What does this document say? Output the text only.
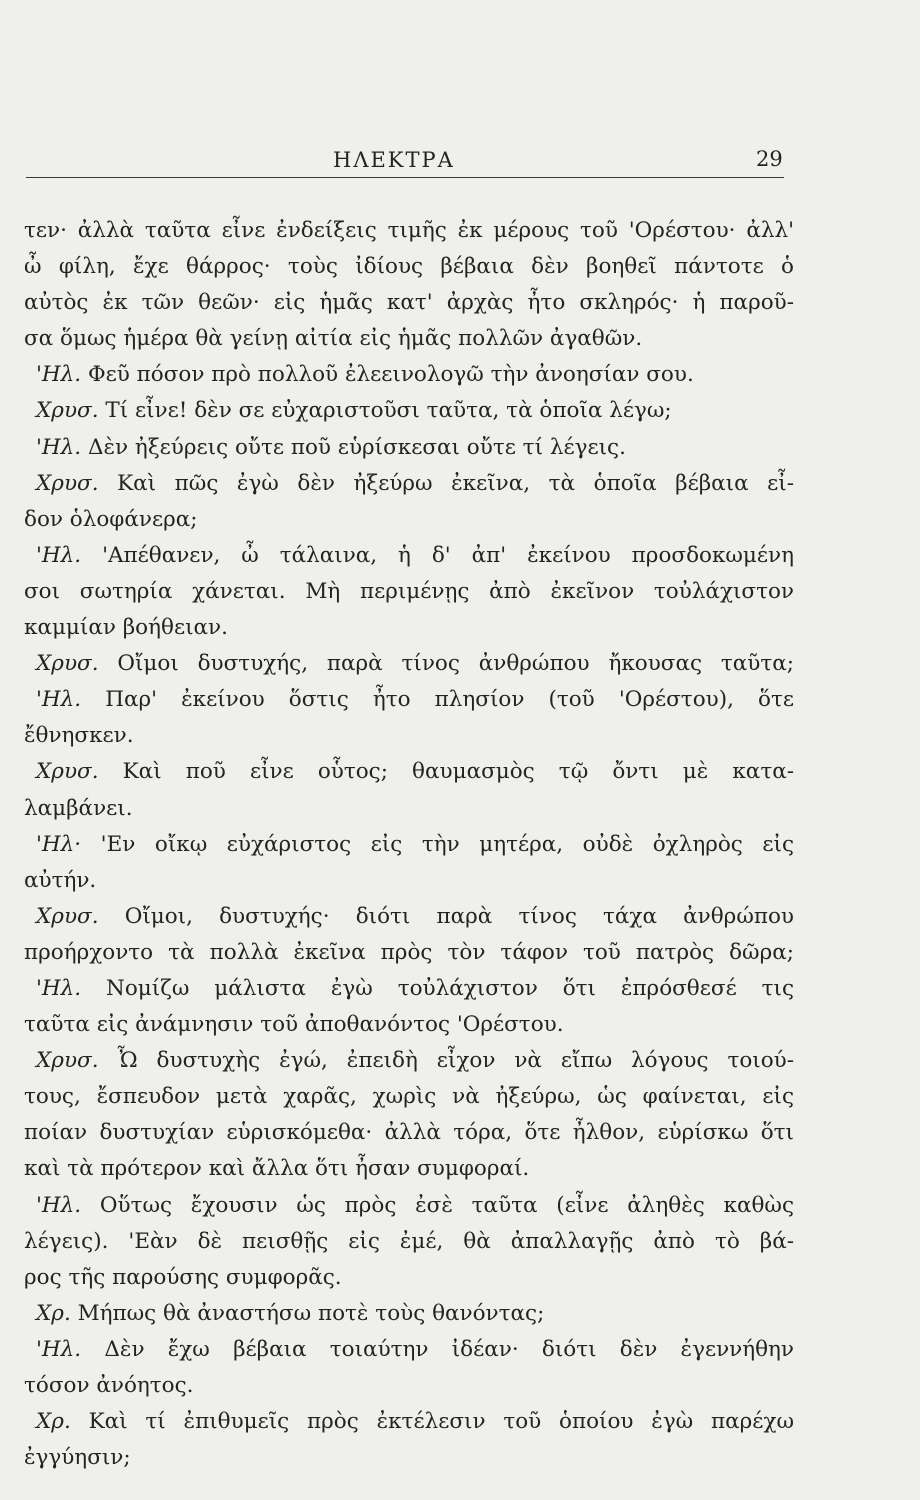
ΗΛΕΚΤΡΑ	29
τεν· ἀλλὰ ταῦτα εἶνε ἐνδείξεις τιμῆς ἐκ μέρους τοῦ 'Ορέστου· ἀλλ'
ὦ φίλη, ἔχε θάρρος· τοὺς ἰδίους βέβαια δὲν βοηθεῖ πάντοτε ὁ
αὐτὸς ἐκ τῶν θεῶν· εἰς ἡμᾶς κατ' ἀρχὰς ἦτο σκληρός· ἡ παροῦ-
σα ὅμως ἡμέρα θὰ γείνῃ αἰτία εἰς ἡμᾶς πολλῶν ἀγαθῶν.
'Ηλ. Φεῦ πόσον πρὸ πολλοῦ ἐλεεινολογῶ τὴν ἀνοησίαν σου.
Χρυσ. Τί εἶνε! δὲν σε εὐχαριστοῦσι ταῦτα, τὰ ὁποῖα λέγω;
'Ηλ. Δὲν ἠξεύρεις οὔτε ποῦ εὑρίσκεσαι οὔτε τί λέγεις.
Χρυσ. Καὶ πῶς ἐγὼ δὲν ἠξεύρω ἐκεῖνα, τὰ ὁποῖα βέβαια εἶ-
δον ὁλοφάνερα;
'Ηλ. 'Απέθανεν, ὦ τάλαινα, ἡ δ' ἀπ' ἐκείνου προσδοκωμένη
σοι σωτηρία χάνεται. Μὴ περιμένῃς ἀπὸ ἐκεῖνον τοὐλάχιστον
καμμίαν βοήθειαν.
Χρυσ. Οἴμοι δυστυχής, παρὰ τίνος ἀνθρώπου ἤκουσας ταῦτα;
'Ηλ. Παρ' ἐκείνου ὅστις ἦτο πλησίον (τοῦ 'Ορέστου), ὅτε
ἔθνησκεν.
Χρυσ. Καὶ ποῦ εἶνε οὗτος; θαυμασμὸς τῷ ὄντι μὲ κατα-
λαμβάνει.
'Ηλ· 'Εν οἴκῳ εὐχάριστος εἰς τὴν μητέρα, οὐδὲ ὀχληρὸς εἰς
αὐτήν.
Χρυσ. Οἴμοι, δυστυχής· διότι παρὰ τίνος τάχα ἀνθρώπου
προήρχοντο τὰ πολλὰ ἐκεῖνα πρὸς τὸν τάφον τοῦ πατρὸς δῶρα;
'Ηλ. Νομίζω μάλιστα ἐγὼ τοὐλάχιστον ὅτι ἐπρόσθεσέ τις
ταῦτα εἰς ἀνάμνησιν τοῦ ἀποθανόντος 'Ορέστου.
Χρυσ. Ὦ δυστυχὴς ἐγώ, ἐπειδὴ εἶχον νὰ εἴπω λόγους τοιού-
τους, ἔσπευδον μετὰ χαρᾶς, χωρὶς νὰ ἠξεύρω, ὡς φαίνεται, εἰς
ποίαν δυστυχίαν εὑρισκόμεθα· ἀλλὰ τόρα, ὅτε ἦλθον, εὑρίσκω ὅτι
καὶ τὰ πρότερον καὶ ἄλλα ὅτι ἦσαν συμφοραί.
'Ηλ. Οὕτως ἔχουσιν ὡς πρὸς ἐσὲ ταῦτα (εἶνε ἀληθὲς καθὼς
λέγεις). 'Εὰν δὲ πεισθῇς εἰς ἐμέ, θὰ ἀπαλλαγῇς ἀπὸ τὸ βά-
ρος τῆς παρούσης συμφορᾶς.
Χρ. Μήπως θὰ ἀναστήσω ποτὲ τοὺς θανόντας;
'Ηλ. Δὲν ἔχω βέβαια τοιαύτην ἰδέαν· διότι δὲν ἐγεννήθην
τόσον ἀνόητος.
Χρ. Καὶ τί ἐπιθυμεῖς πρὸς ἐκτέλεσιν τοῦ ὁποίου ἐγὼ παρέχω
ἐγγύησιν;
